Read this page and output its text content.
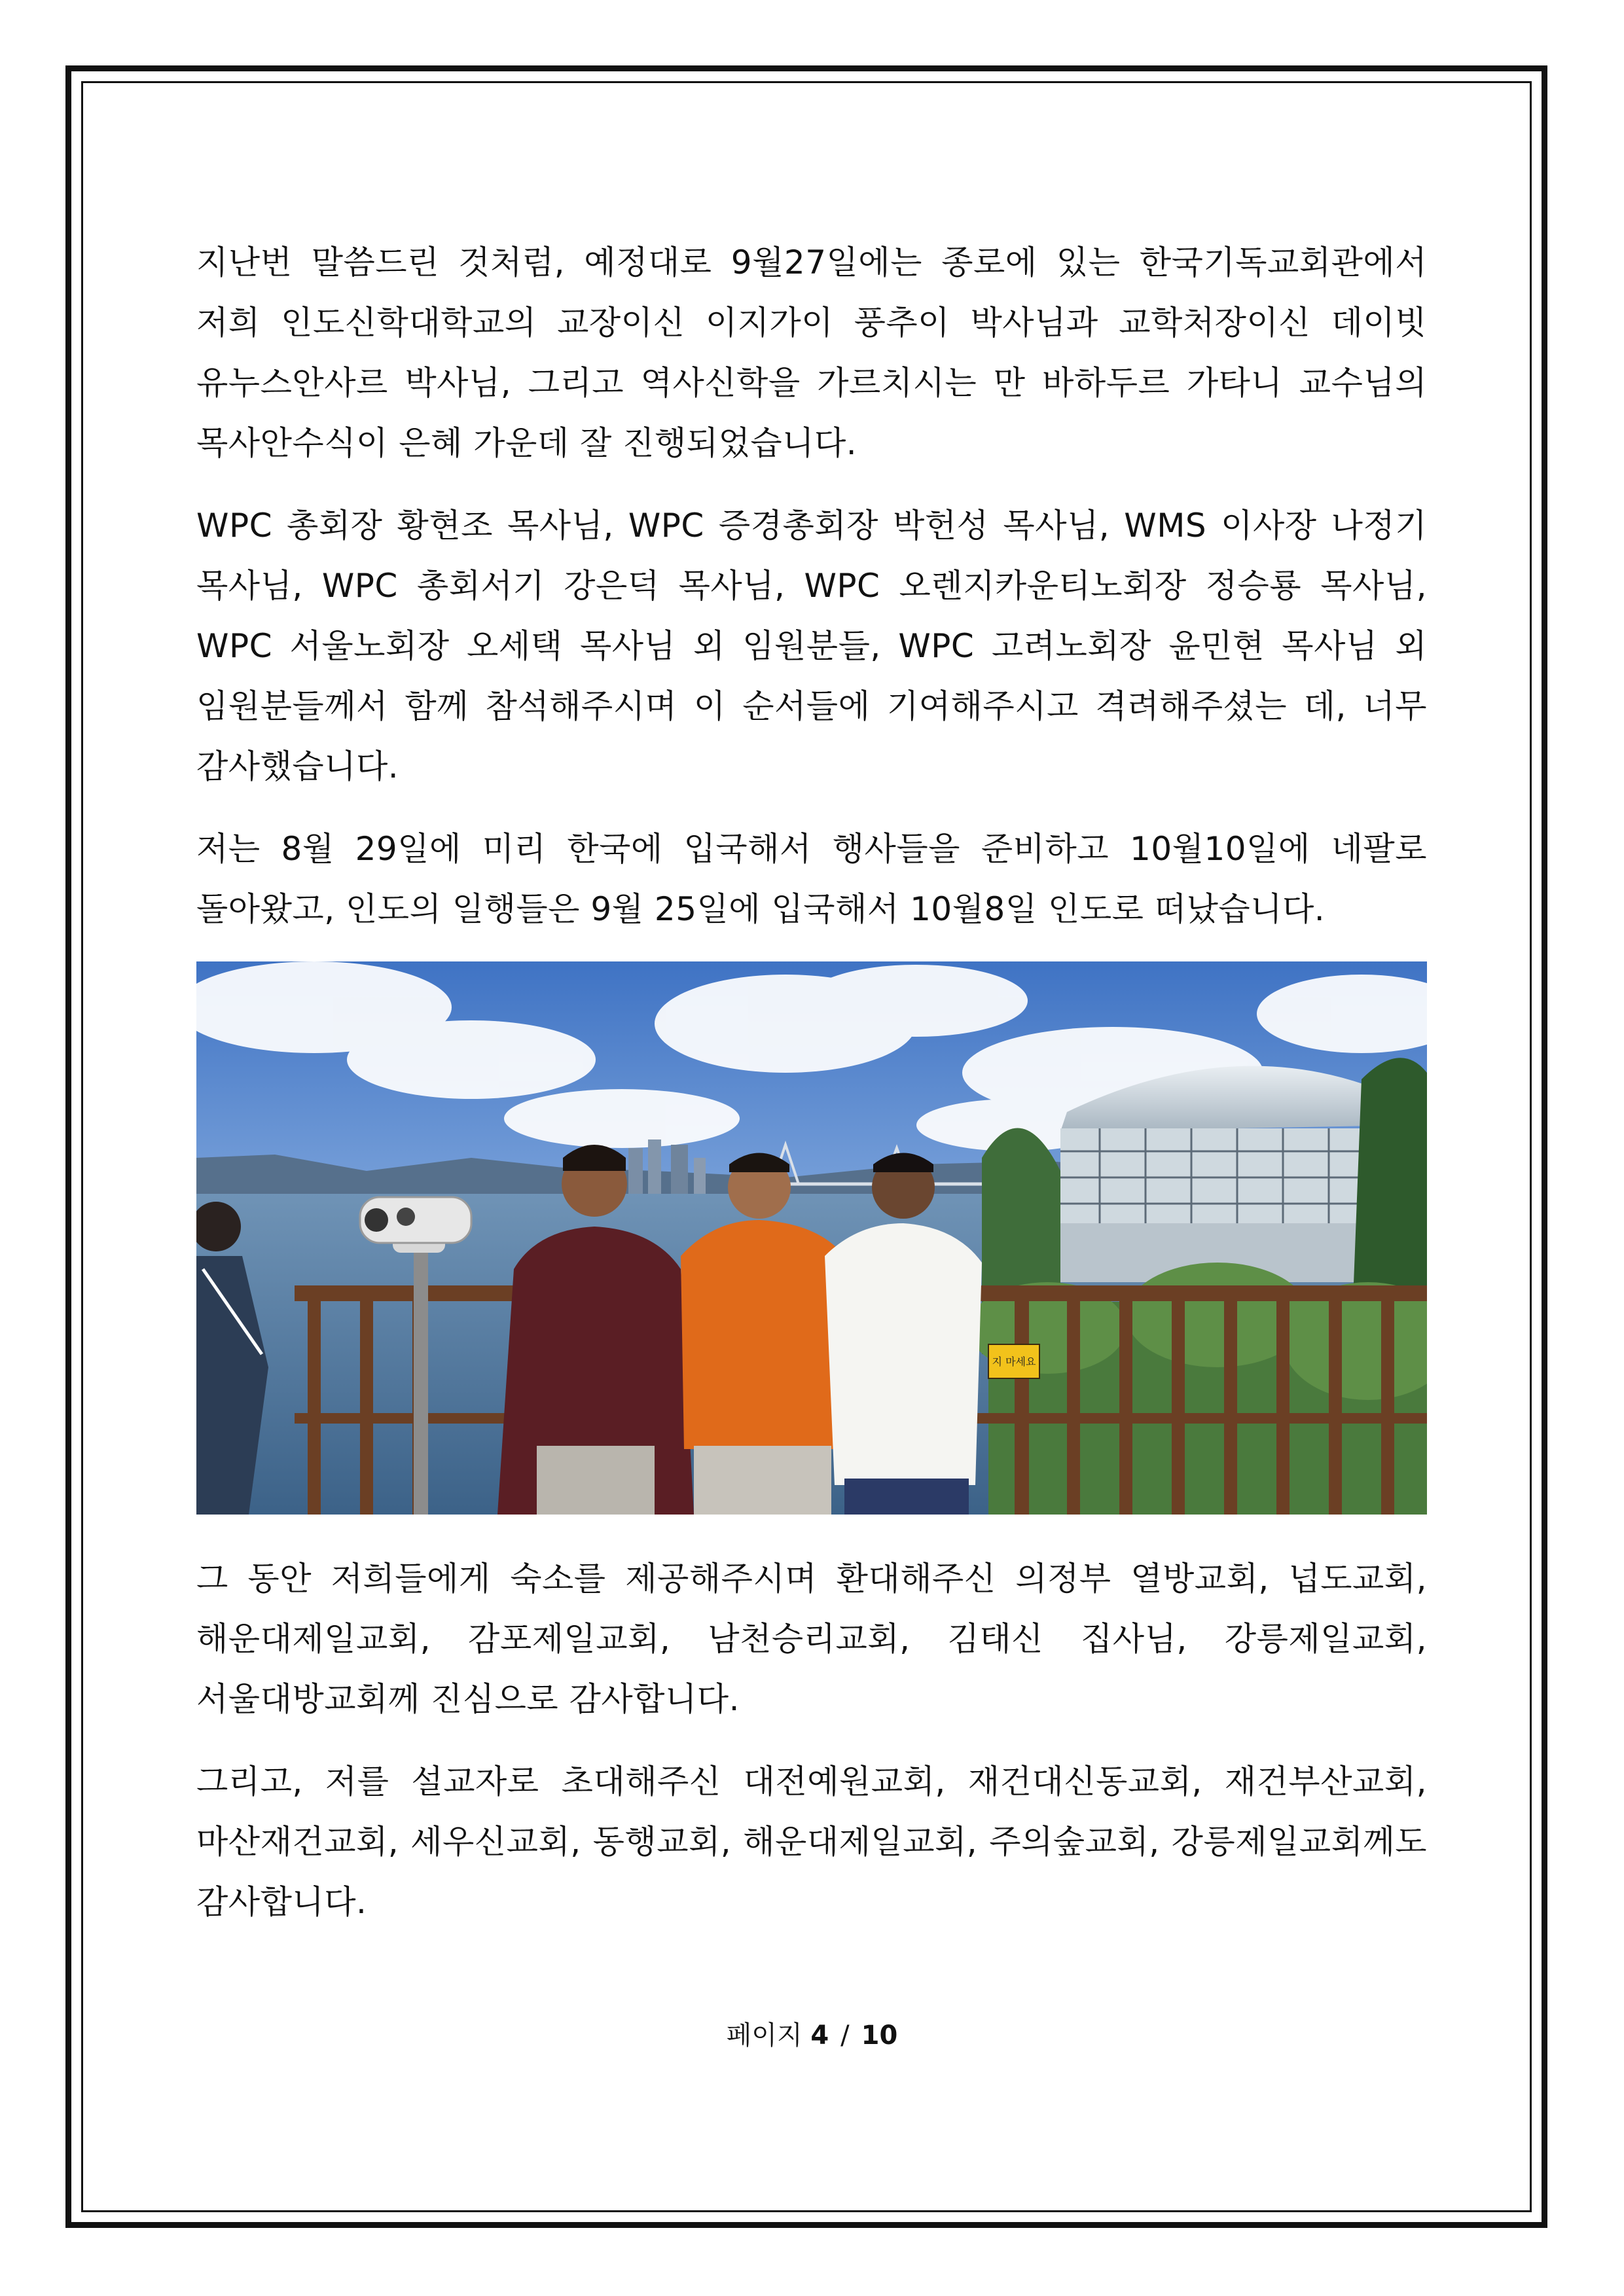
지난번 말씀드린 것처럼, 예정대로 9월27일에는 종로에 있는 한국기독교회관에서 저희 인도신학대학교의 교장이신 이지가이 풍추이 박사님과 교학처장이신 데이빗 유누스안사르 박사님, 그리고 역사신학을 가르치시는 만 바하두르 가타니 교수님의 목사안수식이 은혜 가운데 잘 진행되었습니다.

WPC 총회장 황현조 목사님, WPC 증경총회장 박헌성 목사님, WMS 이사장 나정기 목사님, WPC 총회서기 강은덕 목사님, WPC 오렌지카운티노회장 정승룡 목사님, WPC 서울노회장 오세택 목사님 외 임원분들, WPC 고려노회장 윤민현 목사님 외 임원분들께서 함께 참석해주시며 이 순서들에 기여해주시고 격려해주셨는 데, 너무 감사했습니다.

저는 8월 29일에 미리 한국에 입국해서 행사들을 준비하고 10월10일에 네팔로 돌아왔고, 인도의 일행들은 9월 25일에 입국해서 10월8일 인도로 떠났습니다.

지 마세요

그 동안 저희들에게 숙소를 제공해주시며 환대해주신 의정부 열방교회, 넙도교회, 해운대제일교회, 감포제일교회, 남천승리교회, 김태신 집사님, 강릉제일교회, 서울대방교회께 진심으로 감사합니다.

그리고, 저를 설교자로 초대해주신 대전예원교회, 재건대신동교회, 재건부산교회, 마산재건교회, 세우신교회, 동행교회, 해운대제일교회, 주의숲교회, 강릉제일교회께도 감사합니다.

페이지 4 / 10
